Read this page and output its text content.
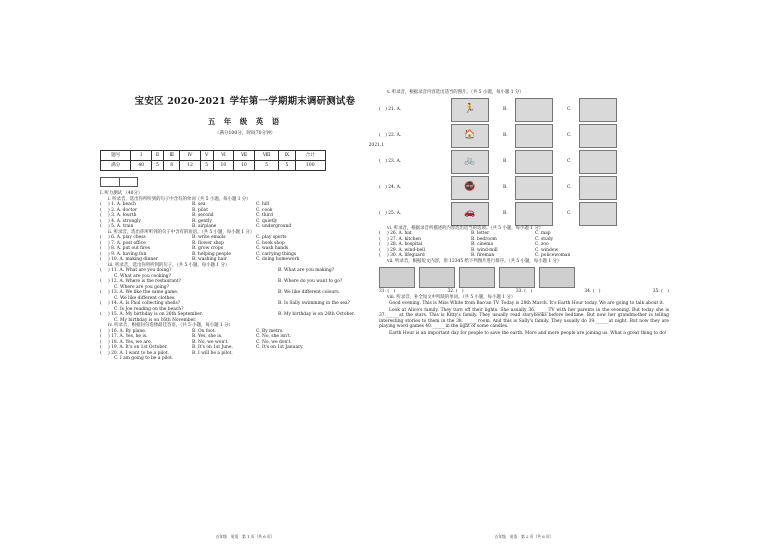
宝安区 2020-2021 学年第一学期期末调研测试卷
五 年 级 英 语
（满分100分，时间70分钟）
2021.1
题号	Ⅰ	Ⅱ	Ⅲ	Ⅳ	Ⅴ	Ⅵ	Ⅶ	Ⅷ	Ⅸ	合计
满分	40	5	8	12	5	10	10	5	5	100
Ⅰ. 听力测试 （40分）
i. 听录音，选出你所听到的句子中含有的单词（共 5 小题，每小题 1 分）
(	) 1. A. beach	B. sea	C. hill
(	) 2. A. doctor	B. pilot	C. cook
(	) 3. A. fourth	B. second	C. third
(	) 4. A. strongly	B. gently	C. quietly
(	) 5. A. train	B. airplane	C. underground
ii. 听录音，选出你所听到的句子中含有的短语。（共 5 小题，每小题 1 分）
(	) 6. A. play chess	B. write emails	C. play sports
(	) 7. A. post office	B. flower shop	C. book shop
(	) 8. A. put out fires	B. grow crops	C. wash hands
(	) 9. A. having fun	B. helping people	C. carrying things
(	) 10. A. making dinner	B. washing hair	C. doing homework
iii. 听录音，选出你所听到的句子。（共 5 小题，每小题 1 分）
(	) 11. A. What are you doing?	B. What are you making?
C. What are you cooking?
(	) 12. A. Where is the restaurant?	B. Where do you want to go?
C. Where are you going?
(	) 13. A. We like the same game.	B. We like different colours.
C. We like different clothes.
(	) 14. A. Is Paul collecting shells?	B. Is Sally swimming in the sea?
C. Is Joe reading on the beach?
(	) 15. A. My birthday is on 26th September.	B. My birthday is on 26th October.
C. My birthday is on 16th November.
iv. 听录音，根据问句选择最佳答语。（共 5 小题，每小题 1 分）
(	) 16. A. By plane.	B. On foot.	C. By metro.
(	) 17. A. Yes, he is.	B. Yes, she is.	C. No, she isn't.
(	) 18. A. Yes, we are.	B. No, we won't.	C. No, we don't.
(	) 19. A. It's on 1st October.	B. It's on 1st June.	C. It's on 1st January.
(	) 20. A. I want to be a pilot.	B. I will be a pilot.
C. I am going to be a pilot.
五年级　英语　第 1 页（共 6 页）
v. 听录音，根据录音内容选出适当的图片。（共 5 小题，每小题 1 分）
(　) 21. A.	🏃	B.	C.
(　) 22. A.	🏠	B.	C.
(　) 23. A.	🚲	B.	C.
(　) 24. A.	🚭	B.	C.
(　) 25. A.	🚗	B.	C.
vi. 听录音，根据录音所描述的内容选出适当的选项。（共 5 小题，每小题 1 分）
(	) 26. A. hat	B. letter	C. map
(	) 27. A. kitchen	B. bedroom	C. study
(	) 28. A. hospital	B. cinema	C. zoo
(	) 29. A. wind-bell	B. wind-mill	C. window
(	) 30. A. lifeguard	B. fireman	C. policewoman
vii. 听录音，根据短文内容，用 12345 给下列图片进行排序。（共 5 小题，每小题 1 分）
31. (　)	32. (　)	33. (　)	34. (　)	35. (　)
viii. 听录音，补全短文中所缺的单词。（共 5 小题，每小题 1 分）
Good evening. This is Miss White from Bao'an TV. Today is 28th March. It's Earth Hour today. We are going to talk about it.
Look at Alice's family. They turn off their lights. She usually 36.______TV with her parents in the evening. But today she is 37.______at the stars. This is Kitty's family. They usually read storybooks before bedtime. But now her grandmother is telling interesting stories to them in the 38.______ room. And this is Sally's family. They usually do 39.______at night. But now they are playing word games 40.______in the light of some candles.
Earth Hour is an important day for people to save the earth. More and more people are joining us. What a great thing to do!
五年级　英语　第 2 页（共 6 页）
